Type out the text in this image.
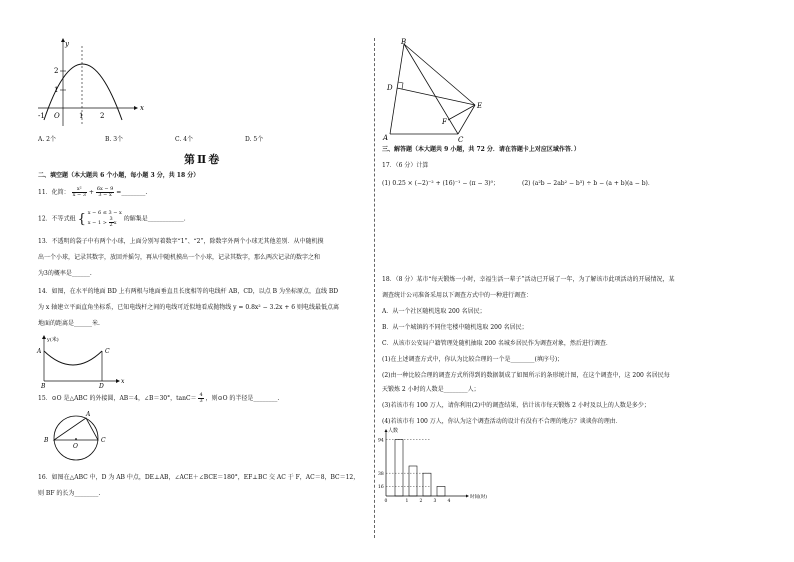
y
x
2
1
O
-1	1 2
A. 2个	B. 3个	C. 4个	D. 5个
第Ⅱ卷
二、填空题（本大题共 6 个小题，每小题 3 分，共 18 分）
11．化简： $\frac{\text{x²}}{x - 3} + \frac{6x - 9}{3 - x}$ =________.
12．不等式组 { x − 6 ≤ 3 − x
$x - 1 > \frac{3}{2}$ x
的解集是____________.
13．不透明的袋子中有两个小球，上面分别写着数字“1”、“2”，除数字外两个小球无其他差别．从中随机摸
出一个小球，记录其数字，放回并摇匀，再从中随机摸出一个小球，记录其数字，那么两次记录的数字之和
为3的概率是______.
14．如图，在水平的地面 BD 上有两根与地面垂直且长度相等的电线杆 AB，CD，以点 B 为坐标原点，直线 BD
为 x 轴建立平面直角坐标系，已知电线杆之间的电线可近似地看成抛物线 y = 0.8x² − 3.2x + 6 则电线最低点离
地面的距离是______米.
y(米)
A	C
B	D
x
15．⊙O 是△ABC 的外接圆，AB＝4，∠B＝30°，$\tan C= \frac{4}{3}$ ，则⊙O 的半径是________.
A
B	C
O
16．如图在△ABC 中，D 为 AB 中点，DE⊥AB，∠ACE＋∠BCE＝180°，EF⊥BC 交 AC 于 F，AC＝8，BC＝12，
则 BF 的长为________.
B
D
E
F
A	C
三、解答题（本大题共 9 小题，共 72 分．请在答题卡上对应区域作答．）
17．（6 分）计算
(1) 0.25 × (−2)⁻² + (16)⁻¹ − (π − 3)⁰；	(2) (a²b − 2ab² − b³) ÷ b − (a + b)(a − b)．
18．（8 分）某市“每天锻炼一小时，幸福生活一辈子”活动已开展了一年，为了解该市此项活动的开展情况，某
调查统计公司准备采用以下调查方式中的一种进行调查：
A．从一个社区随机选取 200 名居民；
B．从一个城镇的不同住宅楼中随机选取 200 名居民；
C．从该市公安局户籍管理处随机抽取 200 名城乡居民作为调查对象，然后进行调查．
(1)在上述调查方式中，你认为比较合理的一个是________(填序号)；
(2)由一种比较合理的调查方式所得到的数据制成了如图所示的条形统计图，在这个调查中，这 200 名居民每
天锻炼 2 小时的人数是________人；
(3)若该市有 100 万人，请你利用(2)中的调查结果，估计该市每天锻炼 2 小时及以上的人数是多少；
(4)若该市有 100 万人，你认为这个调查活动的设计有没有不合理的地方？谈谈你的理由．
94
38
16
0	1 2 3 4
人数
时间(时)
